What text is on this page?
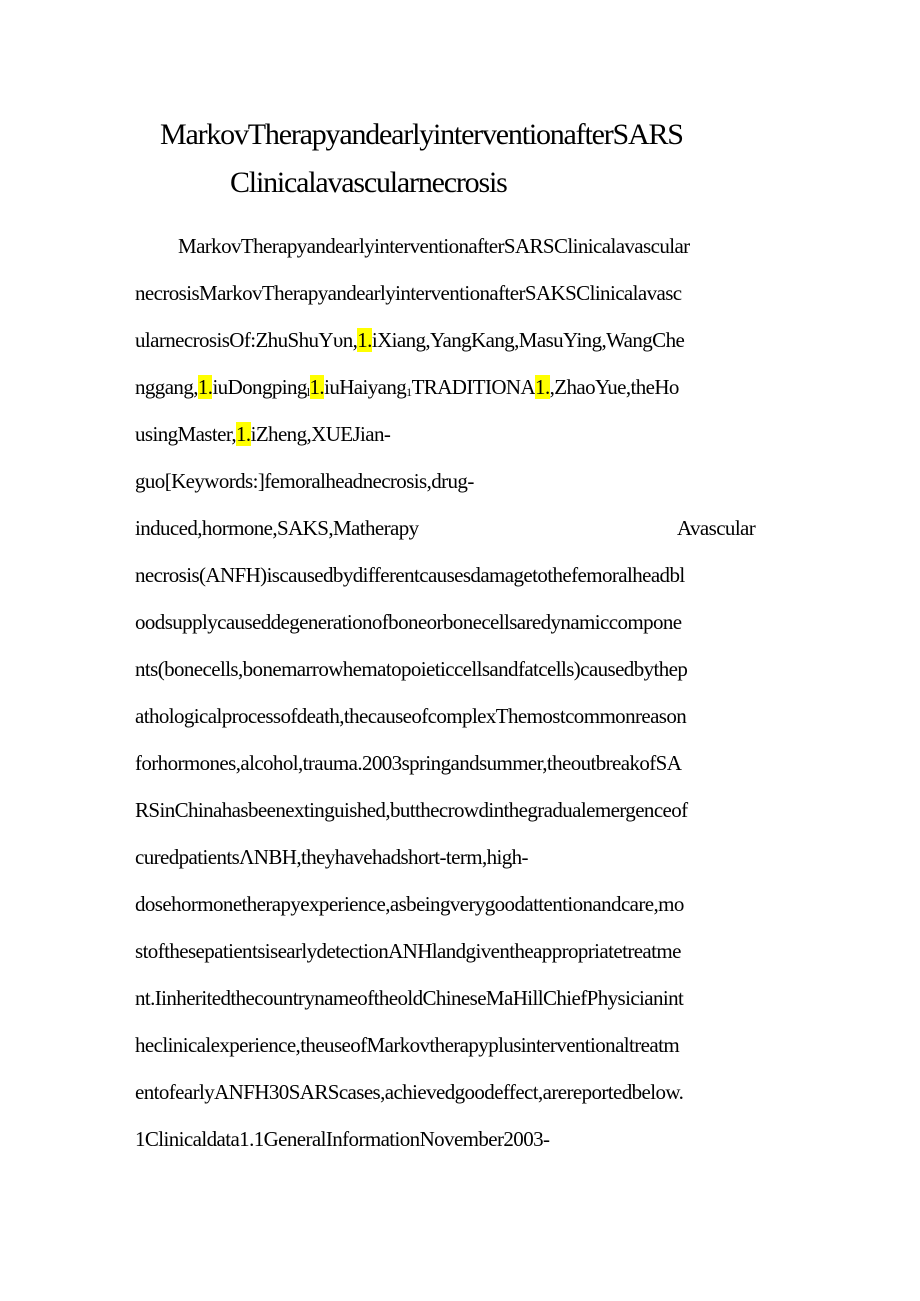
MarkovTherapyandearlyinterventionafterSARS
Clinicalavascularnecrosis
MarkovTherapyandearlyinterventionafterSARSClinicalavascular
necrosisMarkovTherapyandearlyinterventionafterSAKSClinicalavasc
ularnecrosisOf:ZhuShuYυn,1.iXiang,YangKang,MasuYing,WangChe
nggang,1.iuDongpingl1.iuHaiyang1TRADITIONA1.,ZhaoYue,theHo
usingMaster,1.iZheng,XUEJian-
guo[Keywords:]femoralheadnecrosis,drug-
induced,hormone,SAKS,Matherapy	Avascular
necrosis(ANFH)iscausedbydifferentcausesdamagetothefemoralheadbl
oodsupplycauseddegenerationofboneorbonecellsaredynamiccompone
nts(bonecells,bonemarrowhematopoieticcellsandfatcells)causedbythep
athologicalprocessofdeath,thecauseofcomplexThemostcommonreason
forhormones,alcohol,trauma.2003springandsummer,theoutbreakofSA
RSinChinahasbeenextinguished,butthecrowdinthegradualemergenceof
curedpatientsΛNBH,theyhavehadshort-term,high-
dosehormonetherapyexperience,asbeingverygoodattentionandcare,mo
stofthesepatientsisearlydetectionANHlandgiventheappropriatetreatme
nt.IinheritedthecountrynameoftheoldChineseMaHillChiefPhysicianint
heclinicalexperience,theuseofMarkovtherapyplusinterventionaltreatm
entofearlyANFH30SARScases,achievedgoodeffect,arereportedbelow.
1Clinicaldata1.1GeneralInformationNovember2003-
